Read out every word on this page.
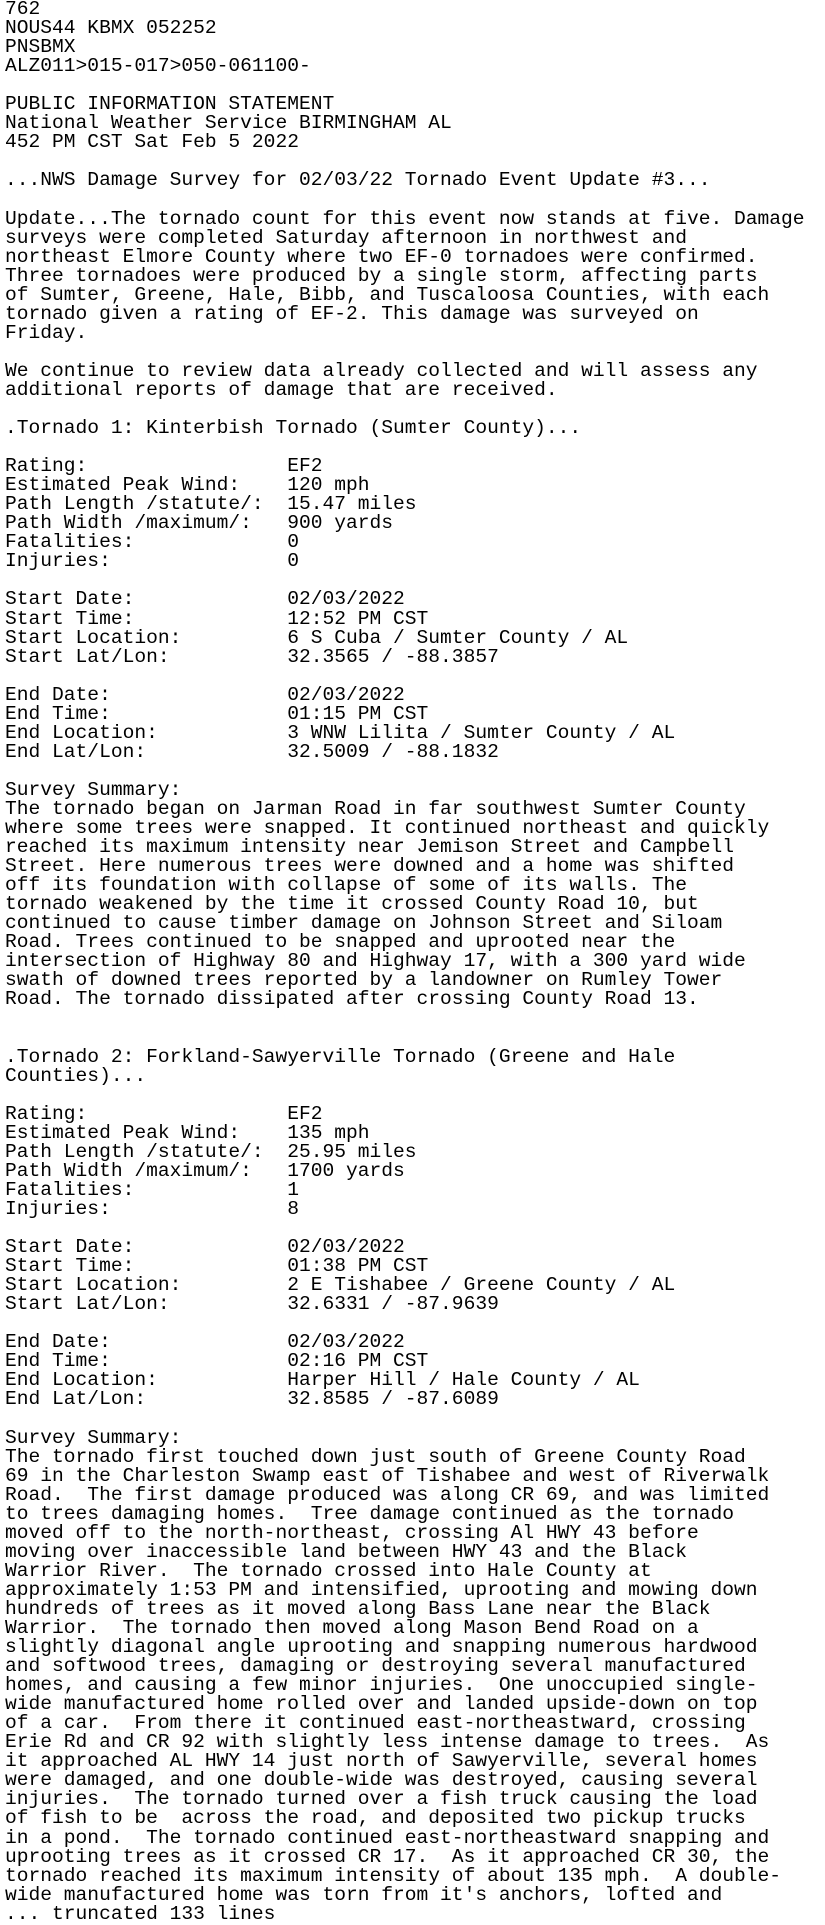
762
NOUS44 KBMX 052252
PNSBMX
ALZ011>015-017>050-061100-

PUBLIC INFORMATION STATEMENT
National Weather Service BIRMINGHAM AL
452 PM CST Sat Feb 5 2022

...NWS Damage Survey for 02/03/22 Tornado Event Update #3...

Update...The tornado count for this event now stands at five. Damage
surveys were completed Saturday afternoon in northwest and
northeast Elmore County where two EF-0 tornadoes were confirmed.
Three tornadoes were produced by a single storm, affecting parts
of Sumter, Greene, Hale, Bibb, and Tuscaloosa Counties, with each
tornado given a rating of EF-2. This damage was surveyed on
Friday.

We continue to review data already collected and will assess any
additional reports of damage that are received.

.Tornado 1: Kinterbish Tornado (Sumter County)...

Rating:                 EF2
Estimated Peak Wind:    120 mph
Path Length /statute/:  15.47 miles
Path Width /maximum/:   900 yards
Fatalities:             0
Injuries:               0

Start Date:             02/03/2022
Start Time:             12:52 PM CST
Start Location:         6 S Cuba / Sumter County / AL
Start Lat/Lon:          32.3565 / -88.3857

End Date:               02/03/2022
End Time:               01:15 PM CST
End Location:           3 WNW Lilita / Sumter County / AL
End Lat/Lon:            32.5009 / -88.1832

Survey Summary:
The tornado began on Jarman Road in far southwest Sumter County
where some trees were snapped. It continued northeast and quickly
reached its maximum intensity near Jemison Street and Campbell
Street. Here numerous trees were downed and a home was shifted
off its foundation with collapse of some of its walls. The
tornado weakened by the time it crossed County Road 10, but
continued to cause timber damage on Johnson Street and Siloam
Road. Trees continued to be snapped and uprooted near the
intersection of Highway 80 and Highway 17, with a 300 yard wide
swath of downed trees reported by a landowner on Rumley Tower
Road. The tornado dissipated after crossing County Road 13.

.Tornado 2: Forkland-Sawyerville Tornado (Greene and Hale
Counties)...

Rating:                 EF2
Estimated Peak Wind:    135 mph
Path Length /statute/:  25.95 miles
Path Width /maximum/:   1700 yards
Fatalities:             1
Injuries:               8

Start Date:             02/03/2022
Start Time:             01:38 PM CST
Start Location:         2 E Tishabee / Greene County / AL
Start Lat/Lon:          32.6331 / -87.9639

End Date:               02/03/2022
End Time:               02:16 PM CST
End Location:           Harper Hill / Hale County / AL
End Lat/Lon:            32.8585 / -87.6089

Survey Summary:
The tornado first touched down just south of Greene County Road
69 in the Charleston Swamp east of Tishabee and west of Riverwalk
Road.  The first damage produced was along CR 69, and was limited
to trees damaging homes.  Tree damage continued as the tornado
moved off to the north-northeast, crossing Al HWY 43 before
moving over inaccessible land between HWY 43 and the Black
Warrior River.  The tornado crossed into Hale County at
approximately 1:53 PM and intensified, uprooting and mowing down
hundreds of trees as it moved along Bass Lane near the Black
Warrior.  The tornado then moved along Mason Bend Road on a
slightly diagonal angle uprooting and snapping numerous hardwood
and softwood trees, damaging or destroying several manufactured
homes, and causing a few minor injuries.  One unoccupied single-
wide manufactured home rolled over and landed upside-down on top
of a car.  From there it continued east-northeastward, crossing
Erie Rd and CR 92 with slightly less intense damage to trees.  As
it approached AL HWY 14 just north of Sawyerville, several homes
were damaged, and one double-wide was destroyed, causing several
injuries.  The tornado turned over a fish truck causing the load
of fish to be  across the road, and deposited two pickup trucks
in a pond.  The tornado continued east-northeastward snapping and
uprooting trees as it crossed CR 17.  As it approached CR 30, the
tornado reached its maximum intensity of about 135 mph.  A double-
wide manufactured home was torn from it's anchors, lofted and
... truncated 133 lines
